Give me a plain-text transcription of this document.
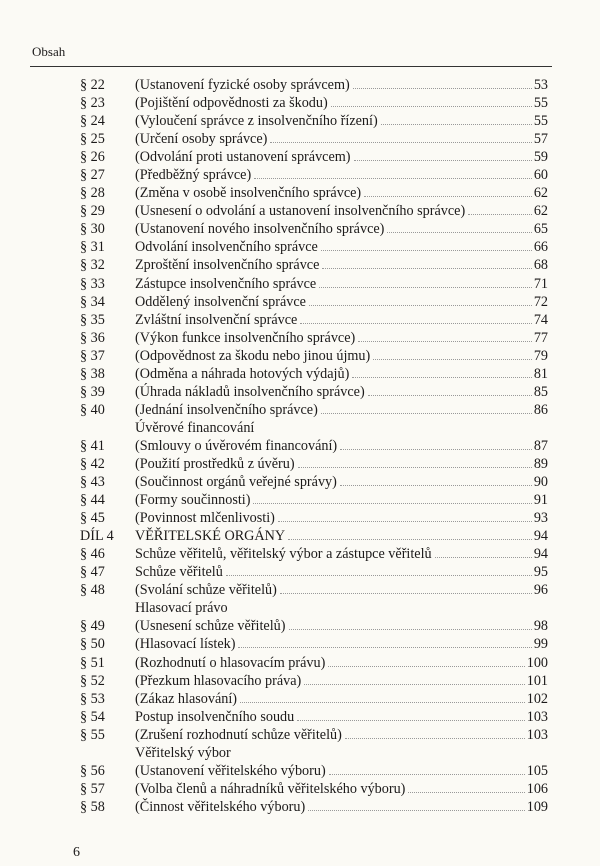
Obsah
§ 22	(Ustanovení fyzické osoby správcem)	53
§ 23	(Pojištění odpovědnosti za škodu)	55
§ 24	(Vyloučení správce z insolvenčního řízení)	55
§ 25	(Určení osoby správce)	57
§ 26	(Odvolání proti ustanovení správcem)	59
§ 27	(Předběžný správce)	60
§ 28	(Změna v osobě insolvenčního správce)	62
§ 29	(Usnesení o odvolání a ustanovení insolvenčního správce)	62
§ 30	(Ustanovení nového insolvenčního správce)	65
§ 31	Odvolání insolvenčního správce	66
§ 32	Zproštění insolvenčního správce	68
§ 33	Zástupce insolvenčního správce	71
§ 34	Oddělený insolvenční správce	72
§ 35	Zvláštní insolvenční správce	74
§ 36	(Výkon funkce insolvenčního správce)	77
§ 37	(Odpovědnost za škodu nebo jinou újmu)	79
§ 38	(Odměna a náhrada hotových výdajů)	81
§ 39	(Úhrada nákladů insolvenčního správce)	85
§ 40	(Jednání insolvenčního správce)	86
Úvěrové financování
§ 41	(Smlouvy o úvěrovém financování)	87
§ 42	(Použití prostředků z úvěru)	89
§ 43	(Součinnost orgánů veřejné správy)	90
§ 44	(Formy součinnosti)	91
§ 45	(Povinnost mlčenlivosti)	93
DÍL 4	VĚŘITELSKÉ ORGÁNY	94
§ 46	Schůze věřitelů, věřitelský výbor a zástupce věřitelů	94
§ 47	Schůze věřitelů	95
§ 48	(Svolání schůze věřitelů)	96
Hlasovací právo
§ 49	(Usnesení schůze věřitelů)	98
§ 50	(Hlasovací lístek)	99
§ 51	(Rozhodnutí o hlasovacím právu)	100
§ 52	(Přezkum hlasovacího práva)	101
§ 53	(Zákaz hlasování)	102
§ 54	Postup insolvenčního soudu	103
§ 55	(Zrušení rozhodnutí schůze věřitelů)	103
Věřitelský výbor
§ 56	(Ustanovení věřitelského výboru)	105
§ 57	(Volba členů a náhradníků věřitelského výboru)	106
§ 58	(Činnost věřitelského výboru)	109
6
